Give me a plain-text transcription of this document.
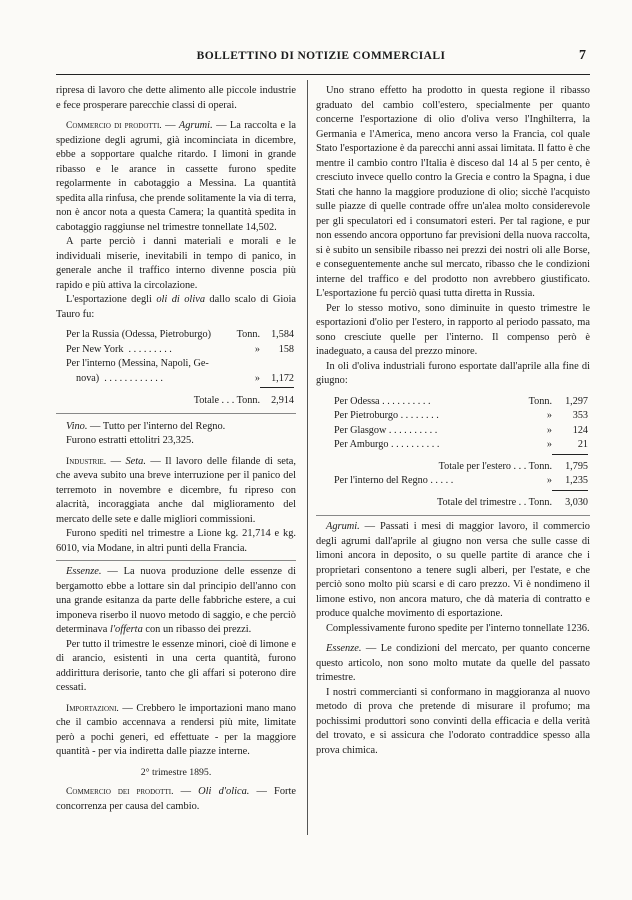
BOLLETTINO DI NOTIZIE COMMERCIALI	7

ripresa di lavoro che dette alimento alle piccole industrie e fece prosperare parecchie classi di operai.

Commercio di prodotti. — Agrumi. — La raccolta e la spedizione degli agrumi, già incominciata in dicembre, ebbe a sopportare qualche ritardo. I limoni in grande ribasso e le arance in cassette furono spedite regolarmente in cabotaggio a Messina. La quantità spedita alla rinfusa, che prende solitamente la via di terra, non è ancor nota a questa Camera; la quantità spedita in cabotaggio raggiunse nel trimestre tonnellate 14,502.

A parte perciò i danni materiali e morali e le individuali miserie, inevitabili in tempo di panico, in generale anche il traffico interno divenne poscia più rapido e più attiva la circolazione.

L'esportazione degli oli di oliva dallo scalo di Gioia Tauro fu:

Per la Russia (Odessa, Pietroburgo)	Tonn.	1,584
Per New York  . . . . . . . . .	»	158
Per l'interno (Messina, Napoli, Ge-
nova)  . . . . . . . . . . . .	»	1,172
Totale . . . Tonn.	2,914

Vino. — Tutto per l'interno del Regno.

Furono estratti ettolitri 23,325.

Industrie. — Seta. — Il lavoro delle filande di seta, che aveva subito una breve interruzione per il panico del terremoto in novembre e dicembre, fu ripreso con alacrità, incoraggiata anche dal miglioramento del mercato delle sete e dalle migliori commissioni.

Furono spediti nel trimestre a Lione kg. 21,714 e kg. 6010, via Modane, in altri punti della Francia.

Essenze. — La nuova produzione delle essenze di bergamotto ebbe a lottare sin dal principio dell'anno con una grande esitanza da parte delle fabbriche estere, a cui imponeva riserbo il nuovo metodo di saggio, e che perciò determinava l'offerta con un ribasso dei prezzi.

Per tutto il trimestre le essenze minori, cioè di limone e di arancio, esistenti in una certa quantità, furono addirittura derisorie, tanto che gli affari si poterono dire cessati.

Importazioni. — Crebbero le importazioni mano mano che il cambio accennava a rendersi più mite, limitate però a pochi generi, ed effettuate - per la maggiore quantità - per via indiretta dalle piazze interne.

2° trimestre 1895.

Commercio dei prodotti. — Oli d'olica. — Forte concorrenza per causa del cambio.

Uno strano effetto ha prodotto in questa regione il ribasso graduato del cambio coll'estero, specialmente per quanto concerne l'esportazione di olio d'oliva verso l'Inghilterra, la Germania e l'America, meno ancora verso la Francia, col quale Stato l'esportazione è da parecchi anni assai limitata. Il fatto è che mentre il cambio contro l'Italia è disceso dal 14 al 5 per cento, è cresciuto invece quello contro la Grecia e contro la Spagna, i due Stati che hanno la maggiore produzione di olio; sicchè l'acquisto sulle piazze di quelle contrade offre un'alea molto considerevole per gli speculatori ed i consumatori esteri. Per tal ragione, e pur non essendo ancora opportuno far previsioni della nuova raccolta, si è subito un sensibile ribasso nei prezzi dei nostri oli alle Borse, e conseguentemente anche sul mercato, ribasso che le condizioni interne del traffico e del prodotto non avrebbero giustificato. L'esportazione fu perciò quasi tutta diretta in Russia.

Per lo stesso motivo, sono diminuite in questo trimestre le esportazioni d'olio per l'estero, in rapporto al periodo passato, ma sono cresciute quelle per l'interno. Il compenso però è inadeguato, a causa del prezzo minore.

In oli d'oliva industriali furono esportate dall'aprile alla fine di giugno:

Per Odessa . . . . . . . . . .	Tonn.	1,297
Per Pietroburgo . . . . . . . .	»	353
Per Glasgow . . . . . . . . . .	»	124
Per Amburgo . . . . . . . . . .	»	21
Totale per l'estero . . . Tonn.	1,795
Per l'interno del Regno . . . . .	»	1,235
Totale del trimestre . . Tonn.	3,030

Agrumi. — Passati i mesi di maggior lavoro, il commercio degli agrumi dall'aprile al giugno non versa che sulle casse di limoni ancora in deposito, o su quelle partite di arance che i proprietari consentono a tenere sugli alberi, per l'estate, e che perciò sono molto più scarsi e di caro prezzo. Vi è nondimeno il limone estivo, non ancora maturo, che dà materia di contratto e produce qualche movimento di esportazione.

Complessivamente furono spedite per l'interno tonnellate 1236.

Essenze. — Le condizioni del mercato, per quanto concerne questo articolo, non sono molto mutate da quelle del passato trimestre.

I nostri commercianti si conformano in maggioranza al nuovo metodo di prova che pretende di misurare il profumo; ma pochissimi produttori sono convinti della efficacia e della verità del trovato, e si assicura che l'odorato contraddice spesso alla prova chimica.
